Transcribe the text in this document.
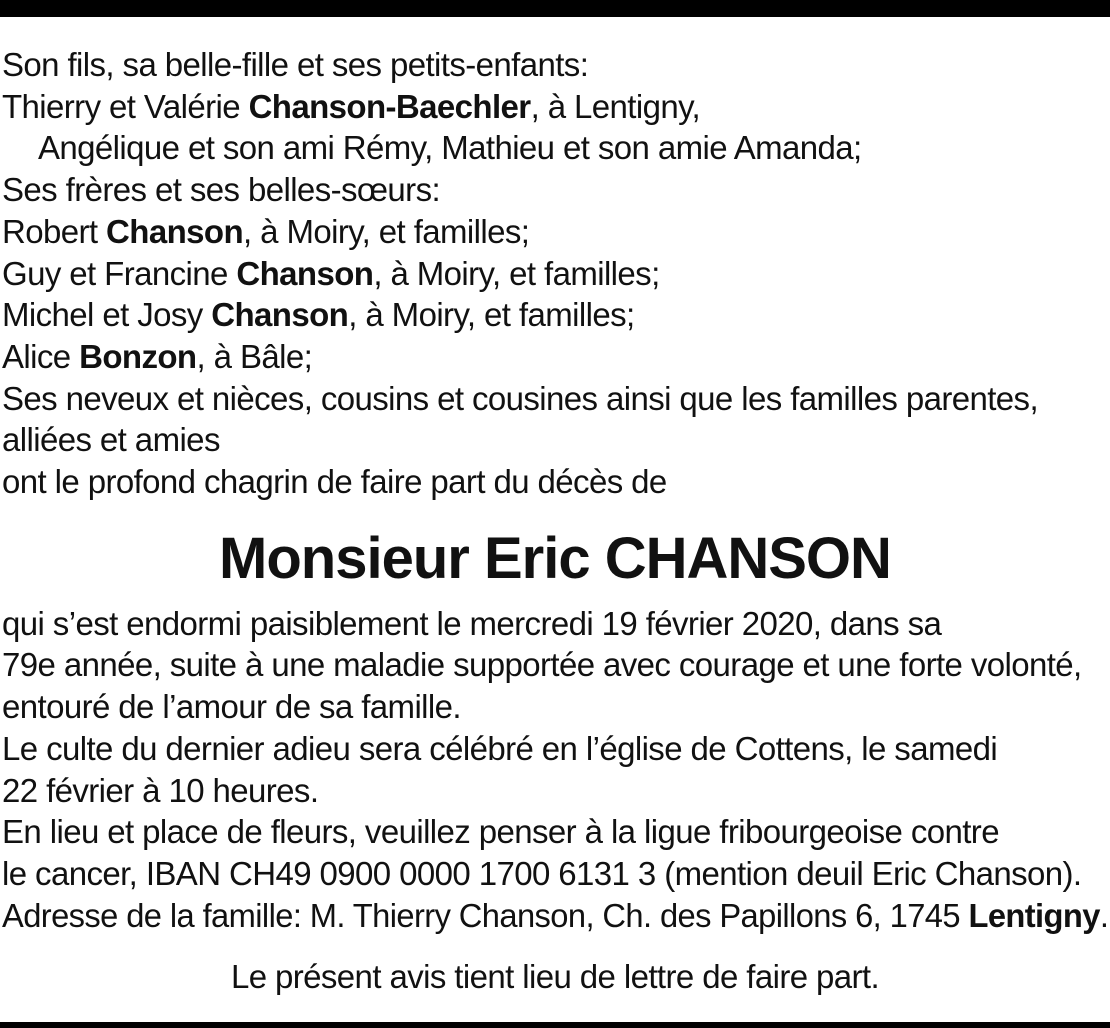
Son fils, sa belle-fille et ses petits-enfants:
Thierry et Valérie Chanson-Baechler, à Lentigny,
Angélique et son ami Rémy, Mathieu et son amie Amanda;
Ses frères et ses belles-sœurs:
Robert Chanson, à Moiry, et familles;
Guy et Francine Chanson, à Moiry, et familles;
Michel et Josy Chanson, à Moiry, et familles;
Alice Bonzon, à Bâle;
Ses neveux et nièces, cousins et cousines ainsi que les familles parentes,
alliées et amies
ont le profond chagrin de faire part du décès de
Monsieur Eric CHANSON
qui s’est endormi paisiblement le mercredi 19 février 2020, dans sa
79e année, suite à une maladie supportée avec courage et une forte volonté,
entouré de l’amour de sa famille.
Le culte du dernier adieu sera célébré en l’église de Cottens, le samedi
22 février à 10 heures.
En lieu et place de fleurs, veuillez penser à la ligue fribourgeoise contre
le cancer, IBAN CH49 0900 0000 1700 6131 3 (mention deuil Eric Chanson).
Adresse de la famille: M. Thierry Chanson, Ch. des Papillons 6, 1745 Lentigny.
Le présent avis tient lieu de lettre de faire part.
